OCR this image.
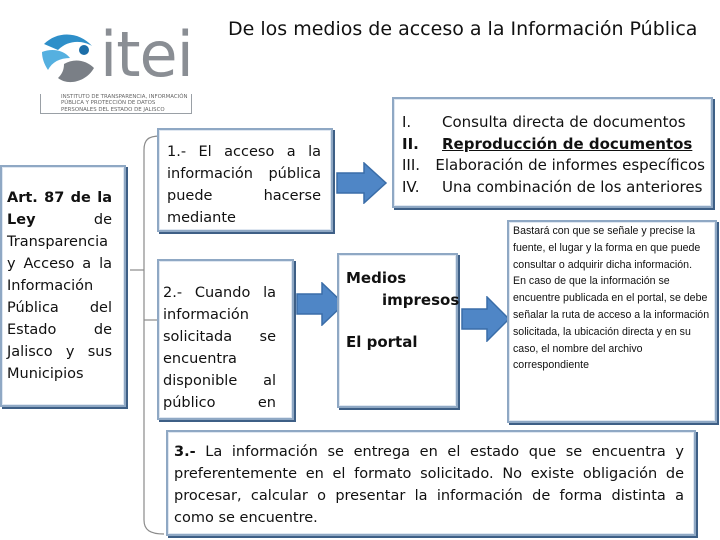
itei
INSTITUTO DE TRANSPARENCIA, INFORMACIÓN PÚBLICA Y PROTECCIÓN DE DATOS PERSONALES DEL ESTADO DE JALISCO
De los medios de acceso a la Información Pública
Art. 87 de la Ley	de Transparencia y Acceso a la Información Pública del Estado de Jalisco y sus Municipios
1.- El acceso a la información pública puede hacerse mediante
I.	Consulta directa de documentos
II.	Reproducción de documentos
III.	Elaboración de informes específicos
IV.	Una combinación de los anteriores
2.- Cuando la información solicitada se encuentra disponible al público en
Medios
impresos
El portal
Bastará con que se señale y precise la fuente, el lugar y la forma en que puede consultar o adquirir dicha información.
En caso de que la información se encuentre publicada en el portal, se debe señalar la ruta de acceso a la información solicitada, la ubicación directa y en su caso, el nombre del archivo correspondiente
3.- La información se entrega en el estado que se encuentra y preferentemente en el formato solicitado. No existe obligación de procesar, calcular o presentar la información de forma distinta a como se encuentre.
